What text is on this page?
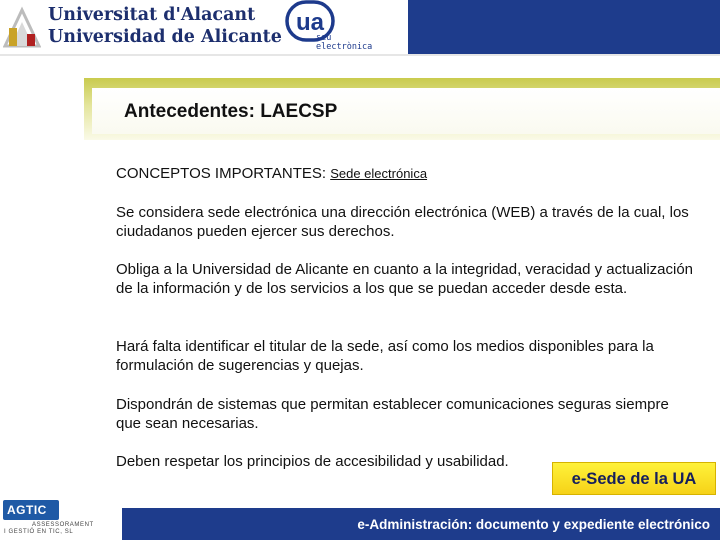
Universitat d'Alacant
Universidad de Alicante
ua
seu electrònica
Antecedentes: LAECSP
CONCEPTOS IMPORTANTES: Sede electrónica
Se considera sede electrónica una dirección electrónica (WEB) a través de la cual, los ciudadanos pueden ejercer sus derechos.
Obliga a la Universidad de Alicante en cuanto a la integridad, veracidad y actualización de la información y de los servicios a los que se puedan acceder desde esta.
Hará falta identificar el titular de la sede, así como los medios disponibles para la formulación de sugerencias y quejas.
Dispondrán de sistemas que permitan establecer comunicaciones seguras siempre que sean necesarias.
Deben respetar los principios de accesibilidad y usabilidad.
e-Sede de la UA
AGTIC
ASSESSORAMENT
I GESTIÓ EN TIC, SL	e-Administración: documento y expediente electrónico
